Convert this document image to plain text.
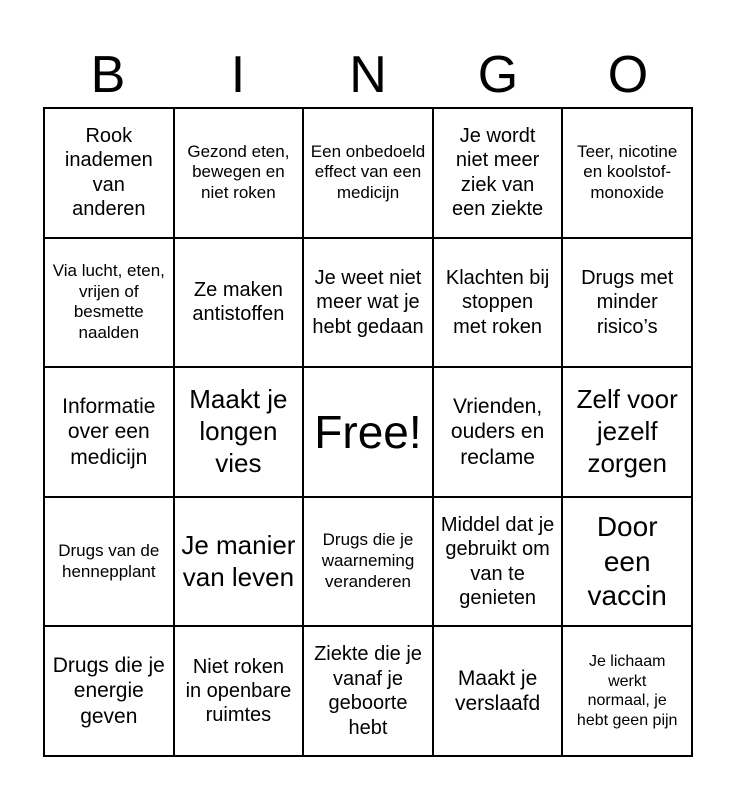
B	I	N	G	O
Rook inademen van anderen
Gezond eten, bewegen en niet roken
Een onbedoeld effect van een medicijn
Je wordt niet meer ziek van een ziekte
Teer, nicotine en koolstof-monoxide
Via lucht, eten, vrijen of besmette naalden
Ze maken antistoffen
Je weet niet meer wat je hebt gedaan
Klachten bij stoppen met roken
Drugs met minder risico’s
Informatie over een medicijn
Maakt je longen vies
Free!	Vrienden, ouders en reclame
Zelf voor jezelf zorgen
Drugs van de hennepplant
Je manier van leven
Drugs die je waarneming veranderen
Middel dat je gebruikt om van te genieten
Door een vaccin
Drugs die je energie geven
Niet roken in openbare ruimtes
Ziekte die je vanaf je geboorte hebt
Maakt je verslaafd
Je lichaam werkt normaal, je hebt geen pijn
